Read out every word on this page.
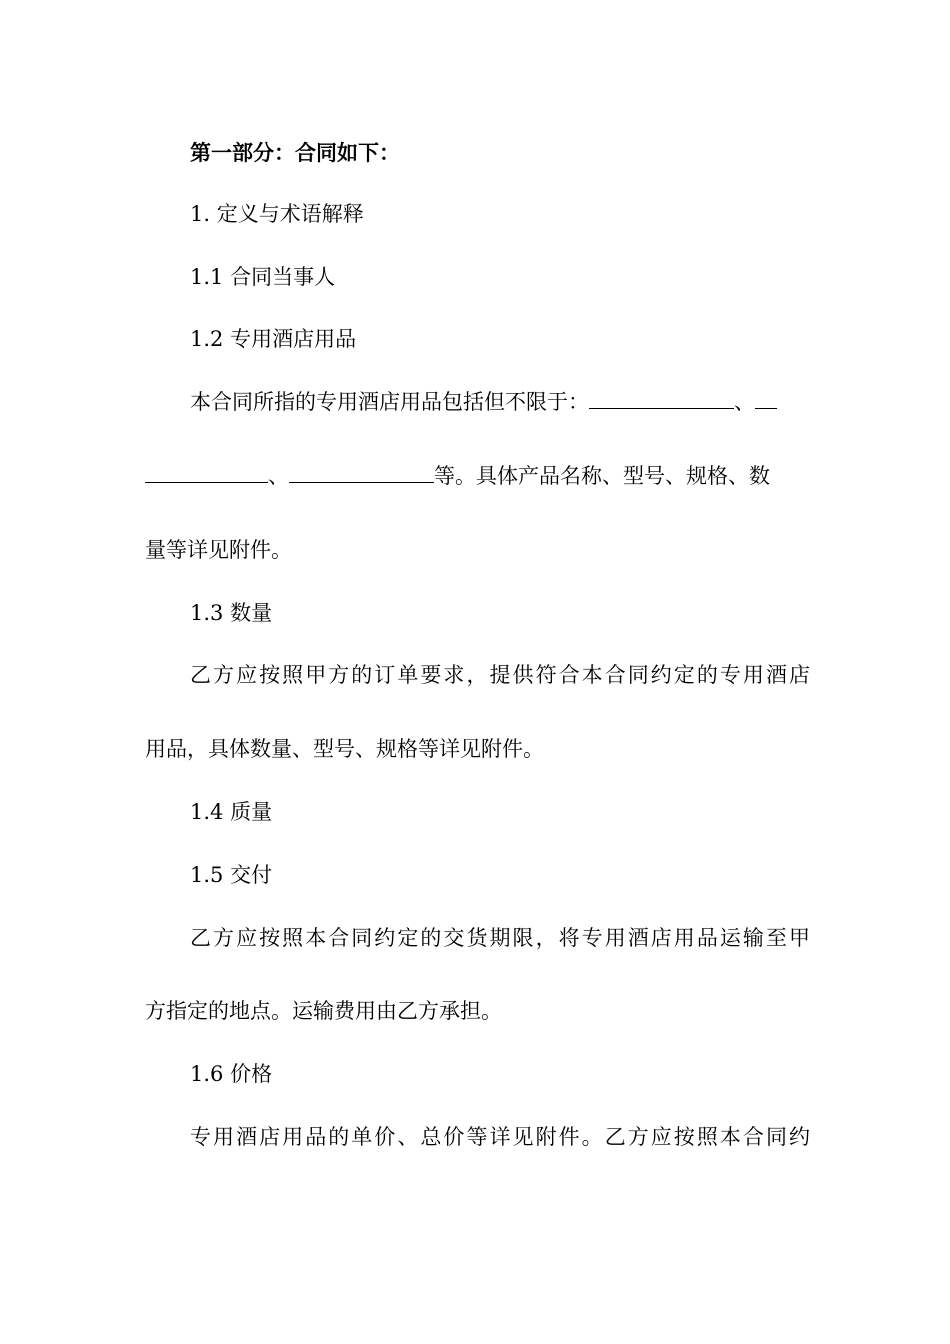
第一部分：合同如下：
1. 定义与术语解释
1.1 合同当事人
1.2 专用酒店用品
本合同所指的专用酒店用品包括但不限于：	、
、	等。具体产品名称、型号、规格、数
量等详见附件。
1.3 数量
乙方应按照甲方的订单要求，提供符合本合同约定的专用酒店
用品，具体数量、型号、规格等详见附件。
1.4 质量
1.5 交付
乙方应按照本合同约定的交货期限，将专用酒店用品运输至甲
方指定的地点。运输费用由乙方承担。
1.6 价格
专用酒店用品的单价、总价等详见附件。乙方应按照本合同约
